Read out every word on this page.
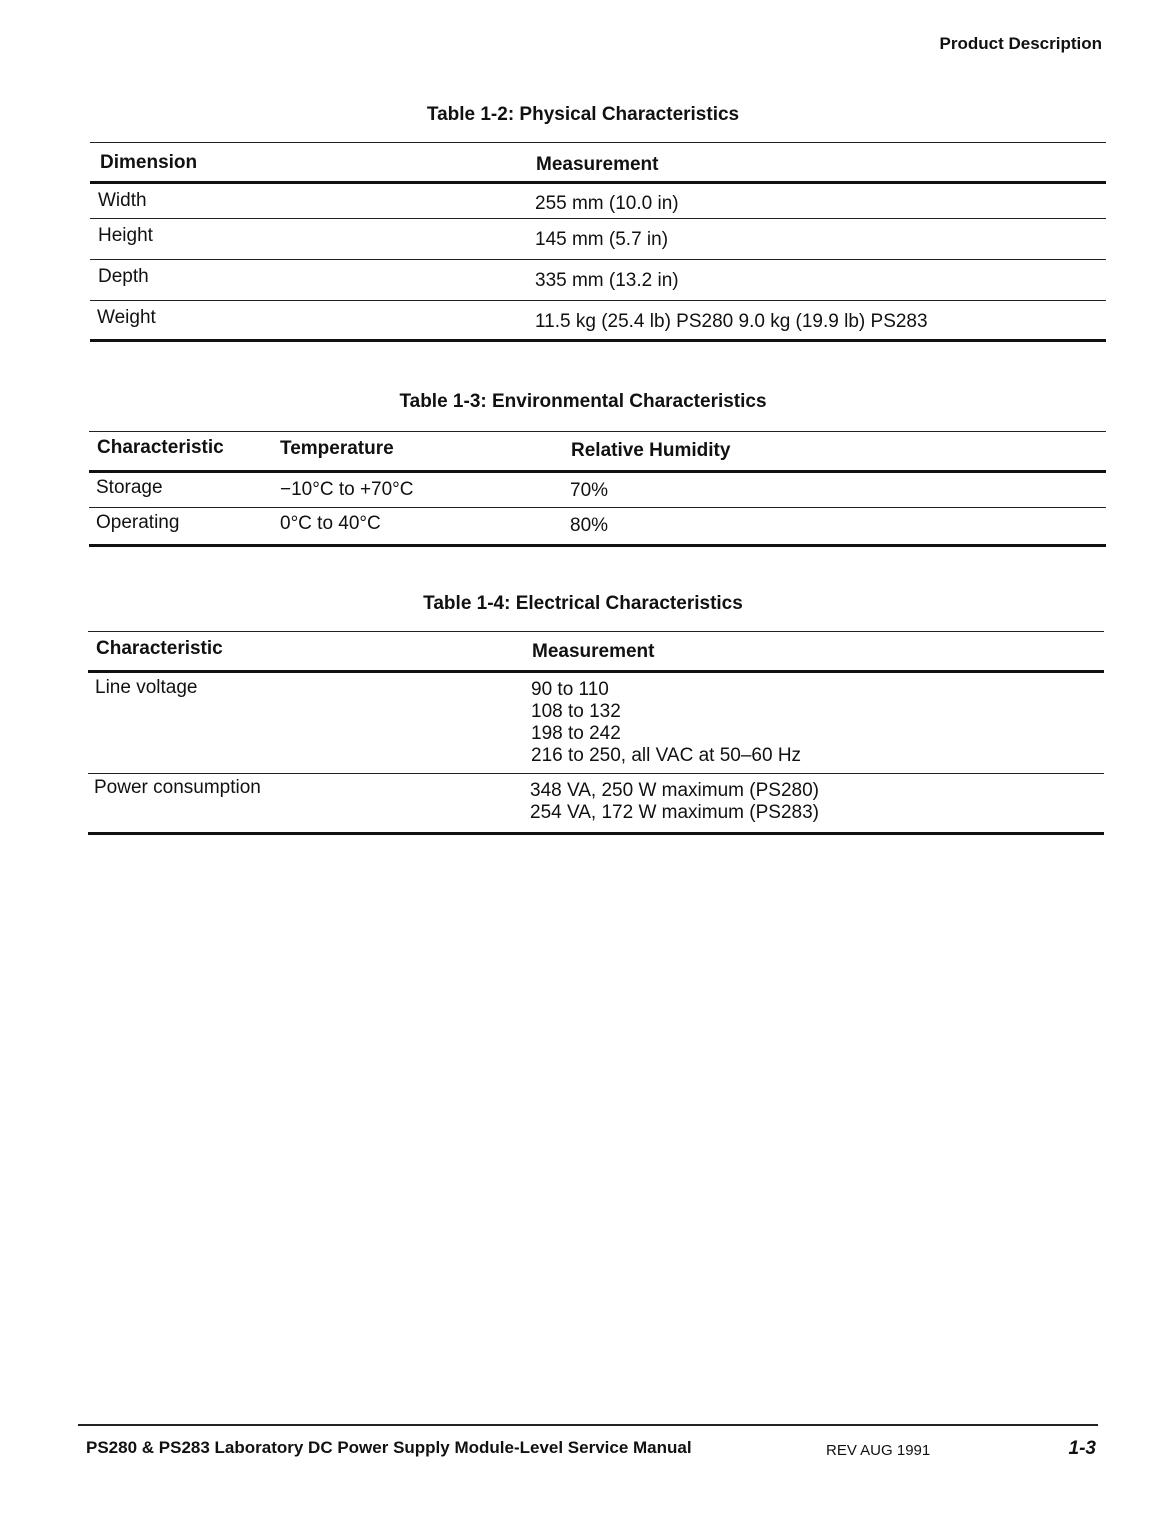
Product Description
Table 1-2: Physical Characteristics
Dimension	Measurement
Width	255 mm (10.0 in)
Height	145 mm (5.7 in)
Depth	335 mm (13.2 in)
Weight	11.5 kg (25.4 lb) PS280 9.0 kg (19.9 lb) PS283
Table 1-3: Environmental Characteristics
Characteristic	Temperature	Relative Humidity
Storage	−10°C to +70°C	70%
Operating	0°C to 40°C	80%
Table 1-4: Electrical Characteristics
Characteristic	Measurement
Line voltage	90 to 110
108 to 132
198 to 242
216 to 250, all VAC at 50–60 Hz
Power consumption	348 VA, 250 W maximum (PS280)
254 VA, 172 W maximum (PS283)
PS280 & PS283 Laboratory DC Power Supply Module-Level Service Manual	REV AUG 1991	1-3
